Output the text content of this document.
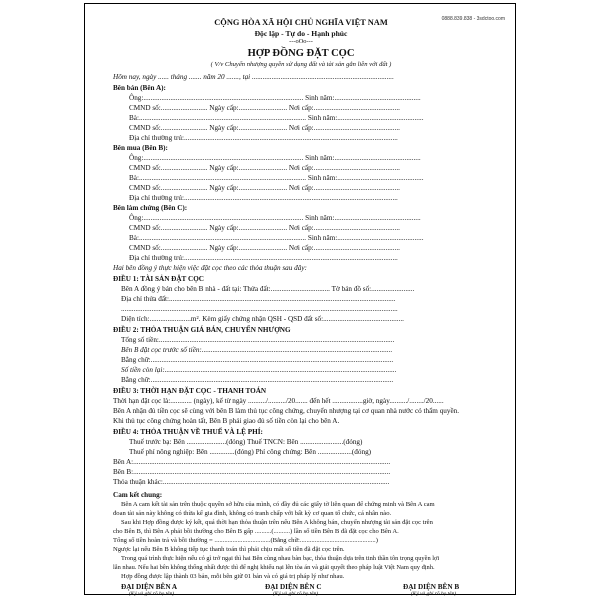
0888.839.838 - 3sdctoo.com
CỘNG HÒA XÃ HỘI CHỦ NGHĨA VIỆT NAM
Độc lập - Tự do - Hạnh phúc
---oOo---
HỢP ĐỒNG ĐẶT CỌC
( V/v Chuyển nhượng quyền sử dụng đất và tài sản gắn liền với đất )
Hôm nay, ngày ...... tháng ....... năm 20 ......., tại ...............................................................................
Bên bán (Bên A):
Ông:......................................................................................... Sinh năm:................................................
CMND số:.......................... Ngày cấp:........................... Nơi cấp:................................................
Bà:............................................................................................. Sinh năm:................................................
CMND số:.......................... Ngày cấp:........................... Nơi cấp:................................................
Địa chỉ thường trú:.......................................................................................................................
Bên mua (Bên B):
Ông:......................................................................................... Sinh năm:................................................
CMND số:.......................... Ngày cấp:........................... Nơi cấp:................................................
Bà:............................................................................................. Sinh năm:................................................
CMND số:.......................... Ngày cấp:........................... Nơi cấp:................................................
Địa chỉ thường trú:.......................................................................................................................
Bên làm chứng (Bên C):
Ông:......................................................................................... Sinh năm:................................................
CMND số:.......................... Ngày cấp:........................... Nơi cấp:................................................
Bà:............................................................................................. Sinh năm:................................................
CMND số:.......................... Ngày cấp:........................... Nơi cấp:................................................
Địa chỉ thường trú:.......................................................................................................................
Hai bên đồng ý thực hiện việc đặt cọc theo các thỏa thuận sau đây:
ĐIỀU 1: TÀI SẢN ĐẶT CỌC
Bên A đồng ý bán cho bên B nhà - đất tại: Thửa đất:................................. Tờ bản đồ số:........................
Địa chỉ thửa đất:..............................................................................................................................
..........................................................................................................................................................
Diện tích:.......................m². Kèm giấy chứng nhận QSH - QSD đất số:.............................................
ĐIỀU 2: THỎA THUẬN GIÁ BÁN, CHUYỂN NHƯỢNG
Tổng số tiền:...................................................................................................................................
Bên B đặt cọc trước số tiền:..........................................................................................................
Bằng chữ:.......................................................................................................................................
Số tiền còn lại:.................................................................................................................................
Bằng chữ:.......................................................................................................................................
ĐIỀU 3: THỜI HẠN ĐẶT CỌC - THANH TOÁN
Thời hạn đặt cọc là:............ (ngày), kể từ ngày ........../........../20....... đến hết .................giờ, ngày........../......../20......
Bên A nhận đủ tiền cọc sẽ cùng với bên B làm thủ tục công chứng, chuyển nhượng tại cơ quan nhà nước có thẩm quyền.
Khi thủ tục công chứng hoàn tất, Bên B phải giao đủ số tiền còn lại cho bên A.
ĐIỀU 4: THỎA THUẬN VỀ THUẾ VÀ LỆ PHÍ:
Thuế trước bạ: Bên ......................(đóng) Thuế TNCN: Bên ........................(đóng)
Thuế phí nông nghiệp: Bên ..............(đóng) Phí công chứng: Bên ...................(đóng)
Bên A:...............................................................................................................................................
Bên B:...............................................................................................................................................
Thỏa thuận khác:..............................................................................................................................
Cam kết chung:
Bên A cam kết tài sản trên thuộc quyền sở hữu của mình, có đầy đủ các giấy tờ liên quan để chứng minh và Bên A cam
đoan tài sản này không có thừa kế gia đình, không có tranh chấp với bất kỳ cơ quan tổ chức, cá nhân nào.
Sau khi Hợp đồng được ký kết, quá thời hạn thỏa thuận trên nếu Bên A không bán, chuyển nhượng tài sản đặt cọc trên
cho Bên B, thì Bên A phải bồi thường cho Bên B gấp ..........(..........) lần số tiền Bên B đã đặt cọc cho Bên A.
Tổng số tiền hoàn trả và bồi thường = ..................................(Bằng chữ:..............................................)
Ngược lại nếu Bên B không tiếp tục thanh toán thì phải chịu mất số tiền đã đặt cọc trên.
Trong quá trình thực hiện nếu có gì trở ngại thì hai Bên cùng nhau bàn bạc, thỏa thuận dựa trên tinh thần tôn trọng quyền lợi
lẫn nhau. Nếu hai bên không thống nhất được thì để nghị khiếu nại lên tòa án và giải quyết theo pháp luật Việt Nam quy định.
Hợp đồng được lập thành 03 bản, mỗi bên giữ 01 bản và có giá trị pháp lý như nhau.
ĐẠI DIỆN BÊN A	ĐẠI DIỆN BÊN C	ĐẠI DIỆN BÊN B
(Ký và ghi rõ họ tên)	(Ký và ghi rõ họ tên)	(Ký và ghi rõ họ tên)
